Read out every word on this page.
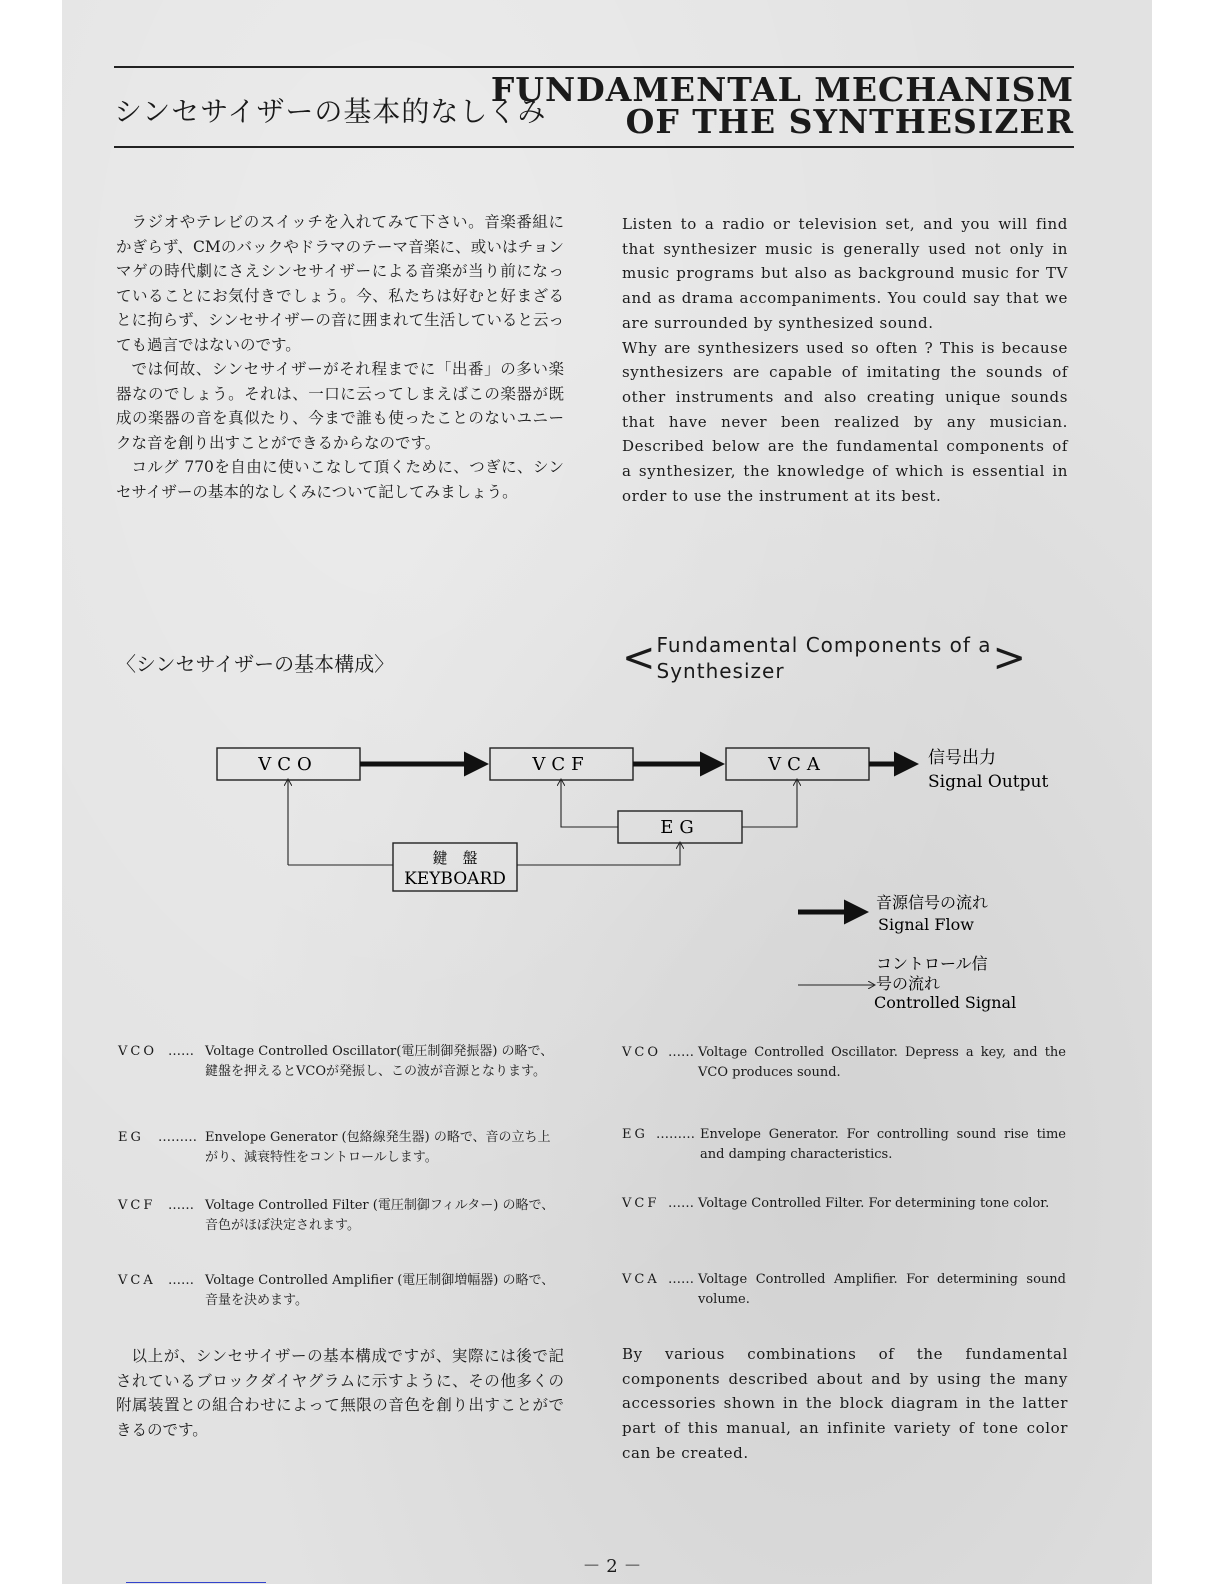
シンセサイザーの基本的なしくみ
FUNDAMENTAL MECHANISM
OF THE SYNTHESIZER

ラジオやテレビのスイッチを入れてみて下さい。音楽番組にかぎらず、CMのバックやドラマのテーマ音楽に、或いはチョンマゲの時代劇にさえシンセサイザーによる音楽が当り前になっていることにお気付きでしょう。今、私たちは好むと好まざるとに拘らず、シンセサイザーの音に囲まれて生活していると云っても過言ではないのです。

では何故、シンセサイザーがそれ程までに「出番」の多い楽器なのでしょう。それは、一口に云ってしまえばこの楽器が既成の楽器の音を真似たり、今まで誰も使ったことのないユニークな音を創り出すことができるからなのです。

コルグ 770を自由に使いこなして頂くために、つぎに、シンセサイザーの基本的なしくみについて記してみましょう。

Listen to a radio or television set, and you will find that synthesizer music is generally used not only in music programs but also as background music for TV and as drama accompaniments. You could say that we are surrounded by synthesized sound.

Why are synthesizers used so often ? This is because synthesizers are capable of imitating the sounds of other instruments and also creating unique sounds that have never been realized by any musician. Described below are the fundamental components of a synthesizer, the knowledge of which is essential in order to use the instrument at its best.

〈シンセサイザーの基本構成〉	<Fundamental Components of a Synthesizer	>
VCO	VCF	VCA
EG
鍵　盤
KEYBOARD
信号出力
Signal Output
音源信号の流れ
Signal Flow
コントロール信
号の流れ
Controlled Signal
VCO …… Voltage Controlled Oscillator(電圧制御発振器) の略で、鍵盤を押えるとVCOが発振し、この波が音源となります。
EG ……… Envelope Generator (包絡線発生器) の略で、音の立ち上がり、減衰特性をコントロールします。
VCF …… Voltage Controlled Filter (電圧制御フィルター) の略で、音色がほぼ決定されます。
VCA …… Voltage Controlled Amplifier (電圧制御増幅器) の略で、音量を決めます。
VCO …… Voltage Controlled Oscillator. Depress a key, and the VCO produces sound.
EG ……… Envelope Generator. For controlling sound rise time and damping characteristics.
VCF …… Voltage Controlled Filter. For determining tone color.
VCA …… Voltage Controlled Amplifier. For determining sound volume.

以上が、シンセサイザーの基本構成ですが、実際には後で記されているブロックダイヤグラムに示すように、その他多くの附属装置との組合わせによって無限の音色を創り出すことができるのです。

By various combinations of the fundamental components described about and by using the many accessories shown in the block diagram in the latter part of this manual, an infinite variety of tone color can be created.

－ 2 －
